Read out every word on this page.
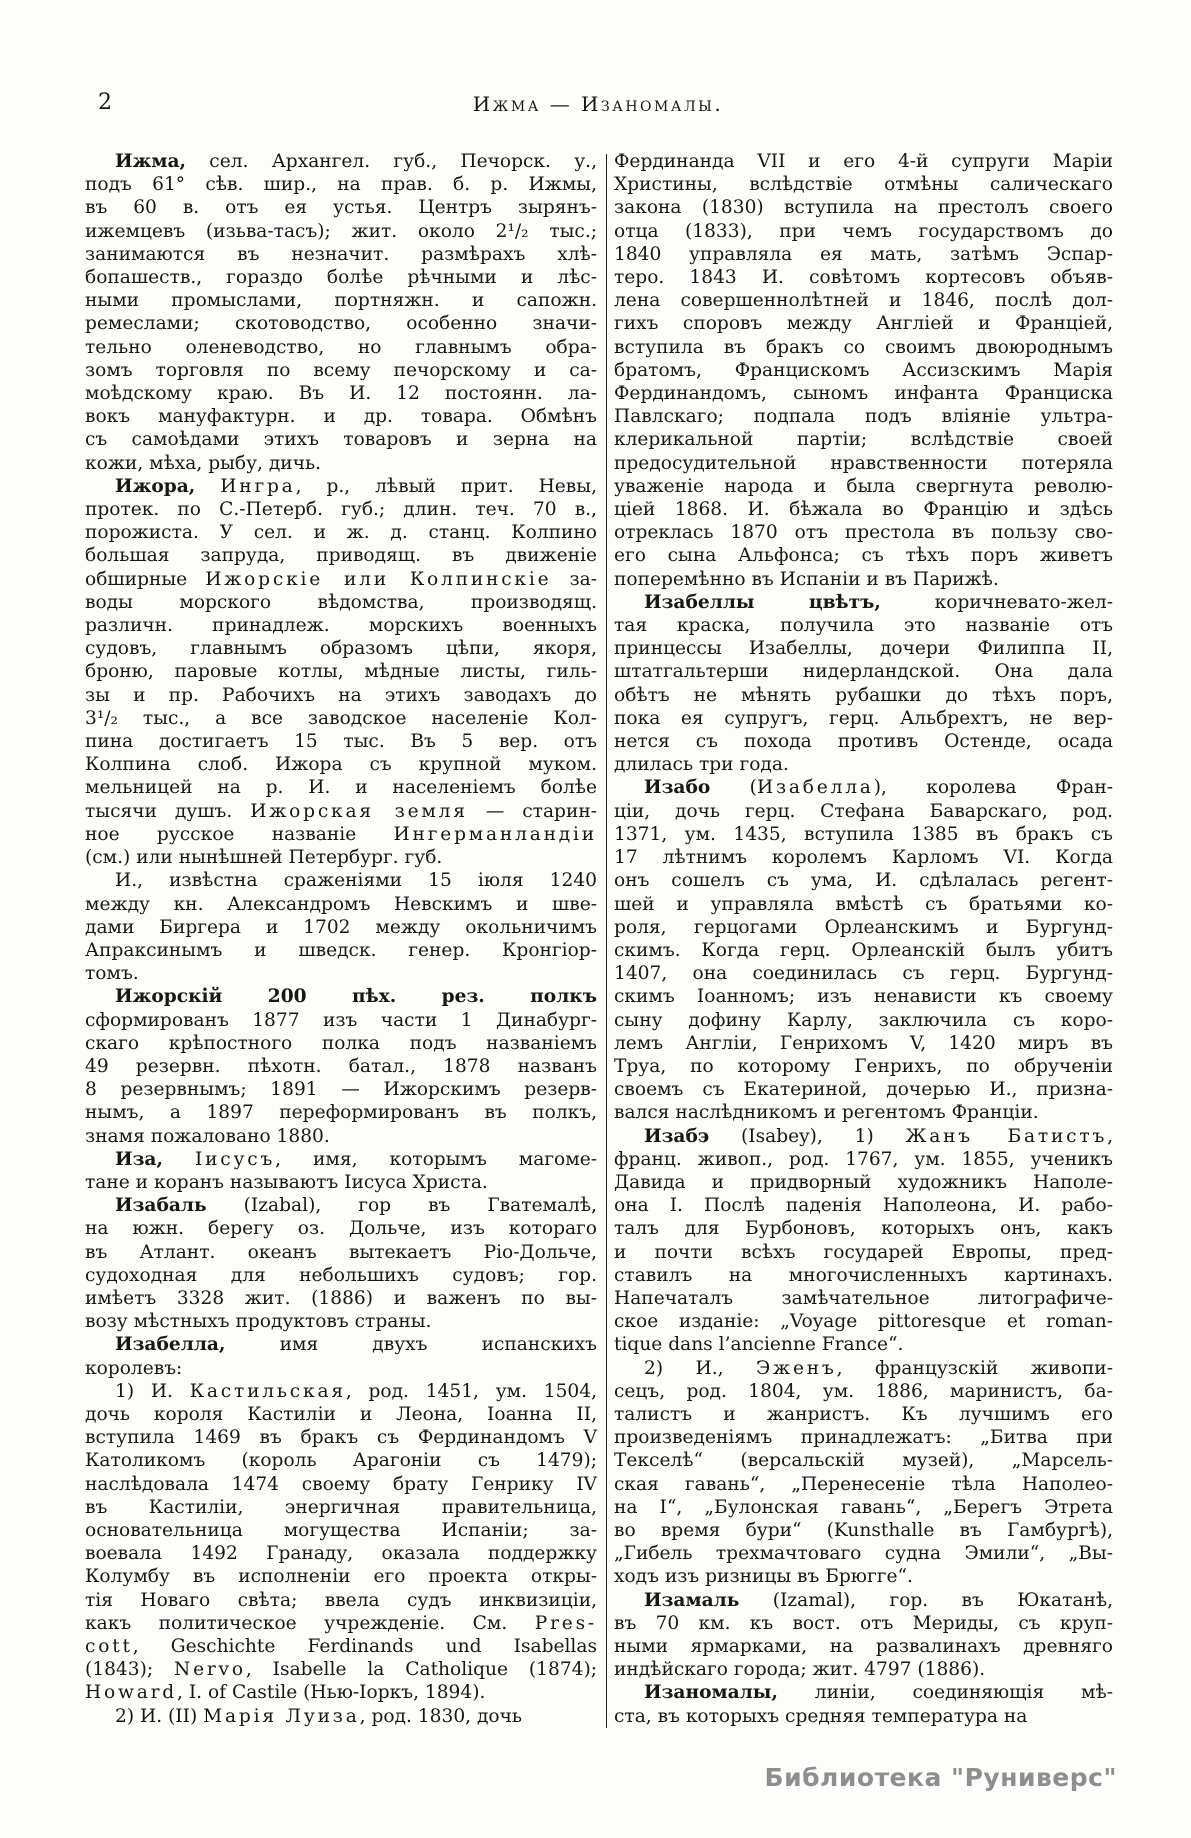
2	Ижма — Изаномалы.
Ижма, сел. Архангел. губ., Печорск. у.,
подъ 61° сѣв. шир., на прав. б. р. Ижмы,
въ 60 в. отъ ея устья. Центръ зырянъ-
ижемцевъ (изьва-тасъ); жит. около 2¹/₂ тыс.;
занимаются въ незначит. размѣрахъ хлѣ-
бопашеств., гораздо болѣе рѣчными и лѣс-
ными промыслами, портняжн. и сапожн.
ремеслами; скотоводство, особенно значи-
тельно оленеводство, но главнымъ обра-
зомъ торговля по всему печорскому и са-
моѣдскому краю. Въ И. 12 постоянн. ла-
вокъ мануфактурн. и др. товара. Обмѣнъ
съ самоѣдами этихъ товаровъ и зерна на
кожи, мѣха, рыбу, дичь.
Ижора, Ингра, р., лѣвый прит. Невы,
протек. по С.-Петерб. губ.; длин. теч. 70 в.,
порожиста. У сел. и ж. д. станц. Колпино
большая запруда, приводящ. въ движеніе
обширные Ижорскіе или Колпинскіе за-
воды морского вѣдомства, производящ.
различн. принадлеж. морскихъ военныхъ
судовъ, главнымъ образомъ цѣпи, якоря,
броню, паровые котлы, мѣдные листы, гиль-
зы и пр. Рабочихъ на этихъ заводахъ до
3¹/₂ тыс., а все заводское населеніе Кол-
пина достигаетъ 15 тыс. Въ 5 вер. отъ
Колпина слоб. Ижора съ крупной муком.
мельницей на р. И. и населеніемъ болѣе
тысячи душъ. Ижорская земля — старин-
ное русское названіе Ингерманландіи
(см.) или нынѣшней Петербург. губ.
И., извѣстна сраженіями 15 іюля 1240
между кн. Александромъ Невскимъ и шве-
дами Биргера и 1702 между окольничимъ
Апраксинымъ и шведск. генер. Кронгіор-
томъ.
Ижорскій 200 пѣх. рез. полкъ
сформированъ 1877 изъ части 1 Динабург-
скаго крѣпостного полка подъ названіемъ
49 резервн. пѣхотн. батал., 1878 названъ
8 резервнымъ; 1891 — Ижорскимъ резерв-
нымъ, а 1897 переформированъ въ полкъ,
знамя пожаловано 1880.
Иза, Іисусъ, имя, которымъ магоме-
тане и коранъ называютъ Іисуса Христа.
Изабаль (Izabal), гор въ Гватемалѣ,
на южн. берегу оз. Дольче, изъ котораго
въ Атлант. океанъ вытекаетъ Ріо-Дольче,
судоходная для небольшихъ судовъ; гор.
имѣетъ 3328 жит. (1886) и важенъ по вы-
возу мѣстныхъ продуктовъ страны.
Изабелла, имя двухъ испанскихъ
королевъ:
1) И. Кастильская, род. 1451, ум. 1504,
дочь короля Кастиліи и Леона, Іоанна II,
вступила 1469 въ бракъ съ Фердинандомъ V
Католикомъ (король Арагоніи съ 1479);
наслѣдовала 1474 своему брату Генрику IV
въ Кастиліи, энергичная правительница,
основательница могущества Испаніи; за-
воевала 1492 Гранаду, оказала поддержку
Колумбу въ исполненіи его проекта откры-
тія Новаго свѣта; ввела судъ инквизиціи,
какъ политическое учрежденіе. См. Pres-
cott, Geschichte Ferdinands und Isabellas
(1843); Nervo, Isabelle la Catholique (1874);
Howard, I. of Castile (Нью-Іоркъ, 1894).
2) И. (II) Марія Луиза, род. 1830, дочь
Фердинанда VII и его 4-й супруги Маріи
Христины, вслѣдствіе отмѣны салическаго
закона (1830) вступила на престолъ своего
отца (1833), при чемъ государствомъ до
1840 управляла ея мать, затѣмъ Эспар-
теро. 1843 И. совѣтомъ кортесовъ объяв-
лена совершеннолѣтней и 1846, послѣ дол-
гихъ споровъ между Англіей и Франціей,
вступила въ бракъ со своимъ двоюроднымъ
братомъ, Францискомъ Ассизскимъ Марія
Фердинандомъ, сыномъ инфанта Франциска
Павлскаго; подпала подъ вліяніе ультра-
клерикальной партіи; вслѣдствіе своей
предосудительной нравственности потеряла
уваженіе народа и была свергнута револю-
ціей 1868. И. бѣжала во Францію и здѣсь
отреклась 1870 отъ престола въ пользу сво-
его сына Альфонса; съ тѣхъ поръ живетъ
поперемѣнно въ Испаніи и въ Парижѣ.
Изабеллы цвѣтъ, коричневато-жел-
тая краска, получила это названіе отъ
принцессы Изабеллы, дочери Филиппа II,
штатгальтерши нидерландской. Она дала
обѣтъ не мѣнять рубашки до тѣхъ поръ,
пока ея супругъ, герц. Альбрехтъ, не вер-
нется съ похода противъ Остенде, осада
длилась три года.
Изабо (Изабелла), королева Фран-
ціи, дочь герц. Стефана Баварскаго, род.
1371, ум. 1435, вступила 1385 въ бракъ съ
17 лѣтнимъ королемъ Карломъ VI. Когда
онъ сошелъ съ ума, И. сдѣлалась регент-
шей и управляла вмѣстѣ съ братьями ко-
роля, герцогами Орлеанскимъ и Бургунд-
скимъ. Когда герц. Орлеанскій былъ убитъ
1407, она соединилась съ герц. Бургунд-
скимъ Іоанномъ; изъ ненависти къ своему
сыну дофину Карлу, заключила съ коро-
лемъ Англіи, Генрихомъ V, 1420 миръ въ
Труа, по которому Генрихъ, по обрученіи
своемъ съ Екатериной, дочерью И., призна-
вался наслѣдникомъ и регентомъ Франціи.
Изабэ (Isabey), 1) Жанъ Батистъ,
франц. живоп., род. 1767, ум. 1855, ученикъ
Давида и придворный художникъ Наполе-
она I. Послѣ паденія Наполеона, И. рабо-
талъ для Бурбоновъ, которыхъ онъ, какъ
и почти всѣхъ государей Европы, пред-
ставилъ на многочисленныхъ картинахъ.
Напечаталъ замѣчательное литографиче-
ское изданіе: „Voyage pittoresque et roman-
tique dans l’ancienne France“.
2) И., Эженъ, французскій живопи-
сецъ, род. 1804, ум. 1886, маринистъ, ба-
талистъ и жанристъ. Къ лучшимъ его
произведеніямъ принадлежатъ: „Битва при
Текселѣ“ (версальскій музей), „Марсель-
ская гавань“, „Перенесеніе тѣла Наполео-
на I“, „Булонская гавань“, „Берегъ Этрета
во время бури“ (Kunsthalle въ Гамбургѣ),
„Гибель трехмачтоваго судна Эмили“, „Вы-
ходъ изъ ризницы въ Брюгге“.
Изамаль (Izamal), гор. въ Юкатанѣ,
въ 70 км. къ вост. отъ Мериды, съ круп-
ными ярмарками, на развалинахъ древняго
индѣйскаго города; жит. 4797 (1886).
Изаномалы, линіи, соединяющія мѣ-
ста, въ которыхъ средняя температура на
Библиотека "Руниверс"
